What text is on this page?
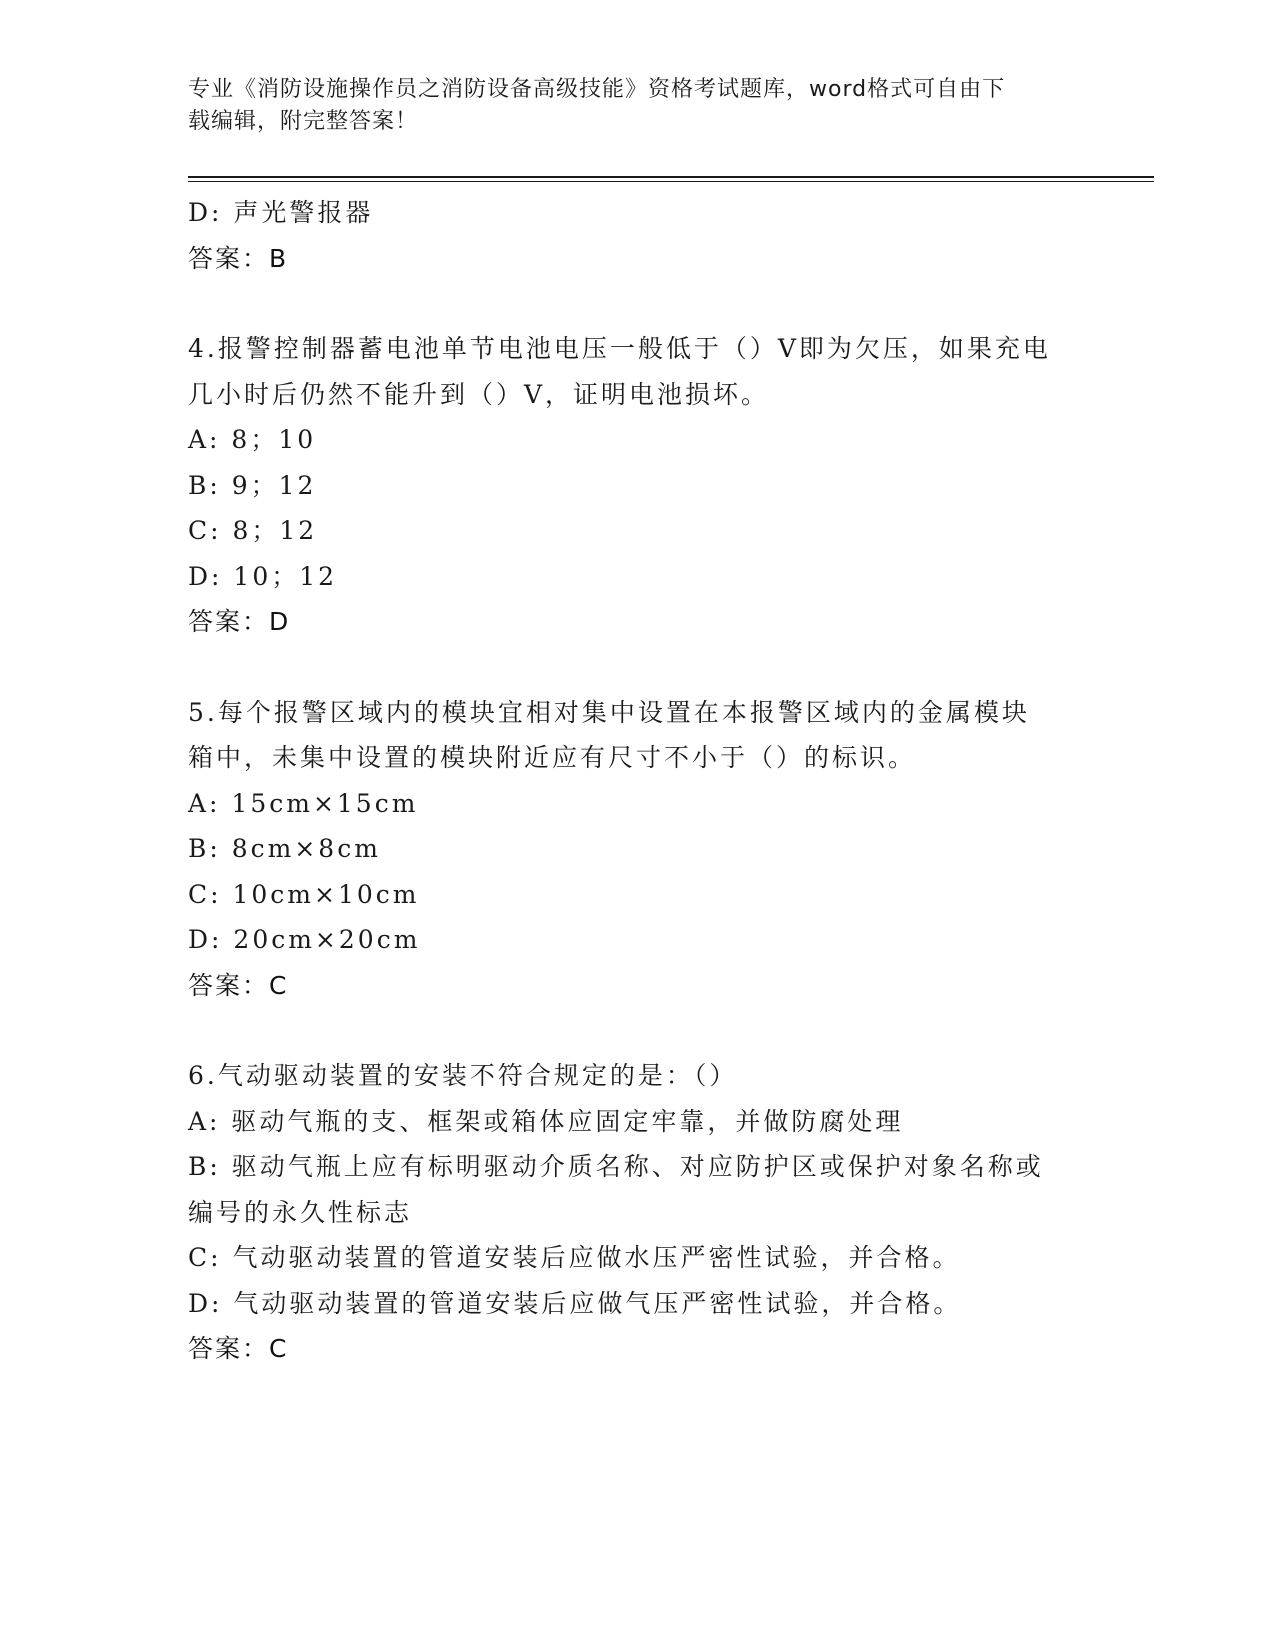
专业《消防设施操作员之消防设备高级技能》资格考试题库，word格式可自由下
载编辑，附完整答案！
D: 声光警报器
答案：B
4.报警控制器蓄电池单节电池电压一般低于（）V即为欠压，如果充电
几小时后仍然不能升到（）V，证明电池损坏。
A: 8；10
B: 9；12
C: 8；12
D: 10；12
答案：D
5.每个报警区域内的模块宜相对集中设置在本报警区域内的金属模块
箱中，未集中设置的模块附近应有尺寸不小于（）的标识。
A: 15cm×15cm
B: 8cm×8cm
C: 10cm×10cm
D: 20cm×20cm
答案：C
6.气动驱动装置的安装不符合规定的是：（）
A: 驱动气瓶的支、框架或箱体应固定牢靠，并做防腐处理
B: 驱动气瓶上应有标明驱动介质名称、对应防护区或保护对象名称或
编号的永久性标志
C: 气动驱动装置的管道安装后应做水压严密性试验，并合格。
D: 气动驱动装置的管道安装后应做气压严密性试验，并合格。
答案：C
